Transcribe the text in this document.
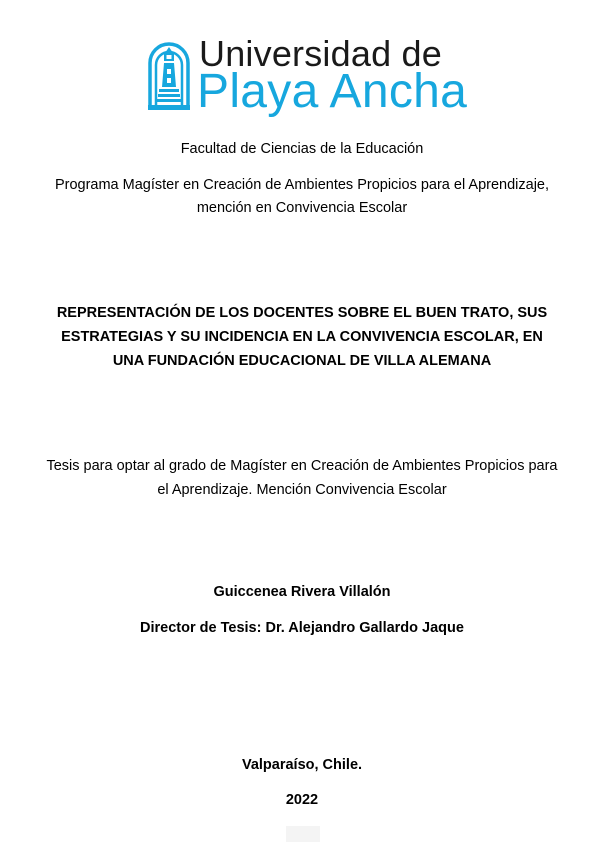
Universidad de
Playa Ancha
Facultad de Ciencias de la Educación
Programa Magíster en Creación de Ambientes Propicios para el Aprendizaje,
mención en Convivencia Escolar
REPRESENTACIÓN DE LOS DOCENTES SOBRE EL BUEN TRATO, SUS
ESTRATEGIAS Y SU INCIDENCIA EN LA CONVIVENCIA ESCOLAR, EN
UNA FUNDACIÓN EDUCACIONAL DE VILLA ALEMANA
Tesis para optar al grado de Magíster en Creación de Ambientes Propicios para
el Aprendizaje. Mención Convivencia Escolar
Guiccenea Rivera Villalón
Director de Tesis: Dr. Alejandro Gallardo Jaque
Valparaíso, Chile.
2022
